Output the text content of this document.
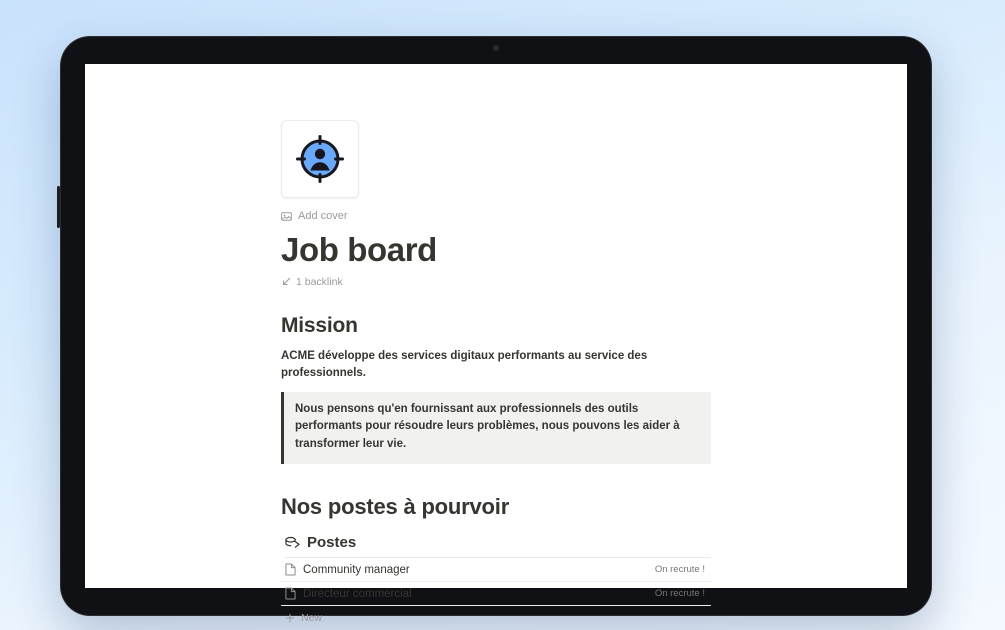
Add cover
Job board
1 backlink
Mission

ACME développe des services digitaux performants au service des professionnels.

Nous pensons qu'en fournissant aux professionnels des outils performants pour résoudre leurs problèmes, nous pouvons les aider à transformer leur vie.
Nos postes à pourvoir
Postes
Community manager	On recrute !
Directeur commercial	On recrute !
New
